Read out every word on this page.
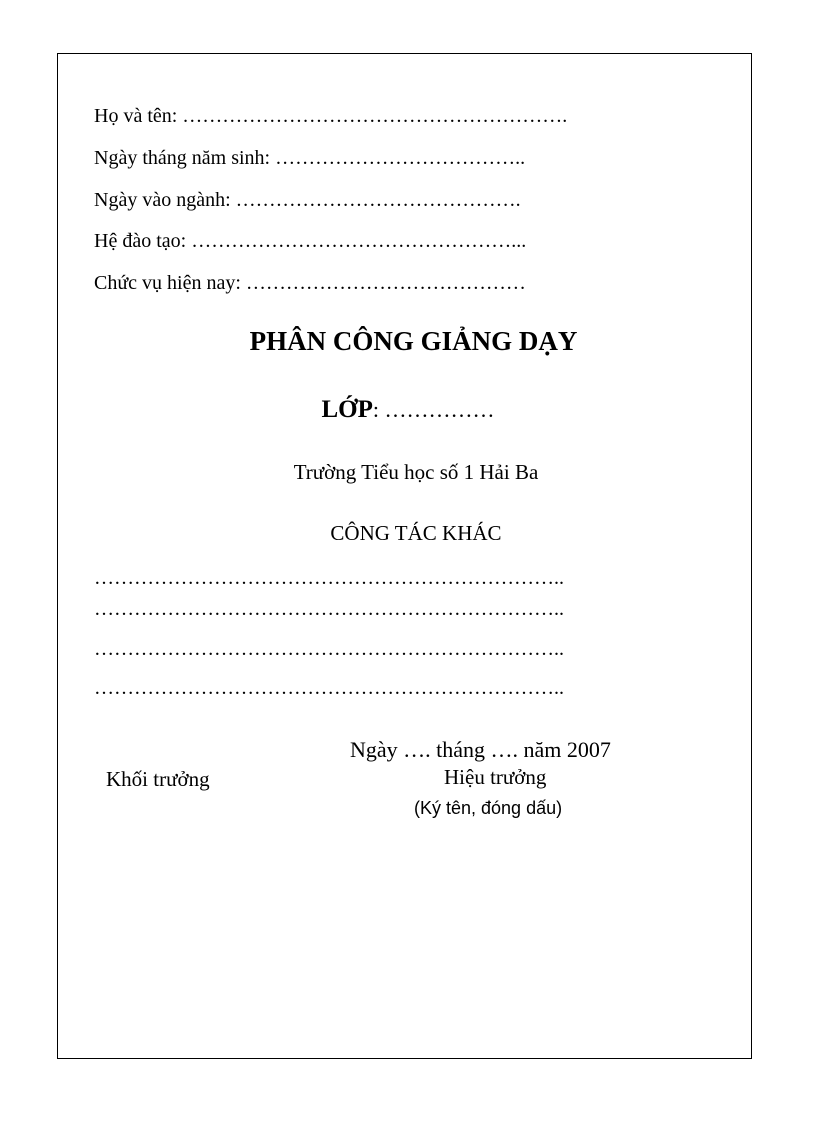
Họ và tên: ………………………………………………….
Ngày tháng năm sinh: ………………………………..
Ngày vào ngành: …………………………………….
Hệ đào tạo: …………………………………………...
Chức vụ hiện nay: ……………………………………
PHÂN CÔNG GIẢNG DẠY
LỚP: ……………
Trường Tiểu học số 1 Hải Ba
CÔNG TÁC KHÁC
……………………………………………………………..
……………………………………………………………..
……………………………………………………………..
……………………………………………………………..
Ngày …. tháng …. năm 2007
Khối trưởng	Hiệu trưởng
(Ký tên, đóng dấu)
